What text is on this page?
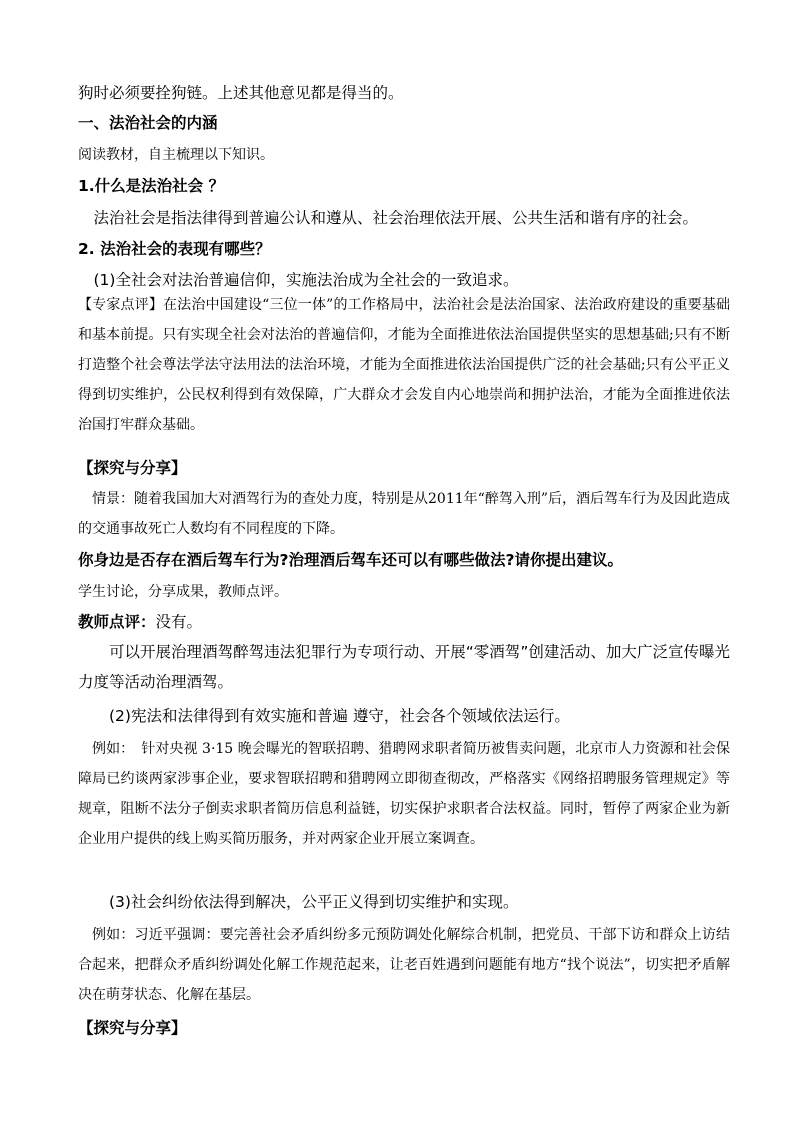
狗时必须要拴狗链。上述其他意见都是得当的。
一、法治社会的内涵
阅读教材，自主梳理以下知识。
1.什么是法治社会 ？
法治社会是指法律得到普遍公认和遵从、社会治理依法开展、公共生活和谐有序的社会。
2. 法治社会的表现有哪些？
(1)全社会对法治普遍信仰，实施法治成为全社会的一致追求。
【专家点评】在法治中国建设“三位一体”的工作格局中，法治社会是法治国家、法治政府建设的重要基础和基本前提。只有实现全社会对法治的普遍信仰，才能为全面推进依法治国提供坚实的思想基础;只有不断打造整个社会尊法学法守法用法的法治环境，才能为全面推进依法治国提供广泛的社会基础;只有公平正义得到切实维护，公民权利得到有效保障，广大群众才会发自内心地崇尚和拥护法治，才能为全面推进依法治国打牢群众基础。
【探究与分享】
情景：随着我国加大对酒驾行为的查处力度，特别是从2011年“醉驾入刑”后，酒后驾车行为及因此造成的交通事故死亡人数均有不同程度的下降。
你身边是否存在酒后驾车行为?治理酒后驾车还可以有哪些做法?请你提出建议。
学生讨论，分享成果，教师点评。
教师点评：没有。
可以开展治理酒驾醉驾违法犯罪行为专项行动、开展“零酒驾”创建活动、加大广泛宣传曝光力度等活动治理酒驾。
(2)宪法和法律得到有效实施和普遍 遵守，社会各个领域依法运行。
例如：　针对央视 3·15 晚会曝光的智联招聘、猎聘网求职者简历被售卖问题，北京市人力资源和社会保障局已约谈两家涉事企业，要求智联招聘和猎聘网立即彻查彻改，严格落实《网络招聘服务管理规定》等规章，阻断不法分子倒卖求职者简历信息利益链，切实保护求职者合法权益。同时，暂停了两家企业为新企业用户提供的线上购买简历服务，并对两家企业开展立案调查。
(3)社会纠纷依法得到解决，公平正义得到切实维护和实现。
例如：习近平强调：要完善社会矛盾纠纷多元预防调处化解综合机制，把党员、干部下访和群众上访结合起来，把群众矛盾纠纷调处化解工作规范起来，让老百姓遇到问题能有地方“找个说法”，切实把矛盾解决在萌芽状态、化解在基层。
【探究与分享】
